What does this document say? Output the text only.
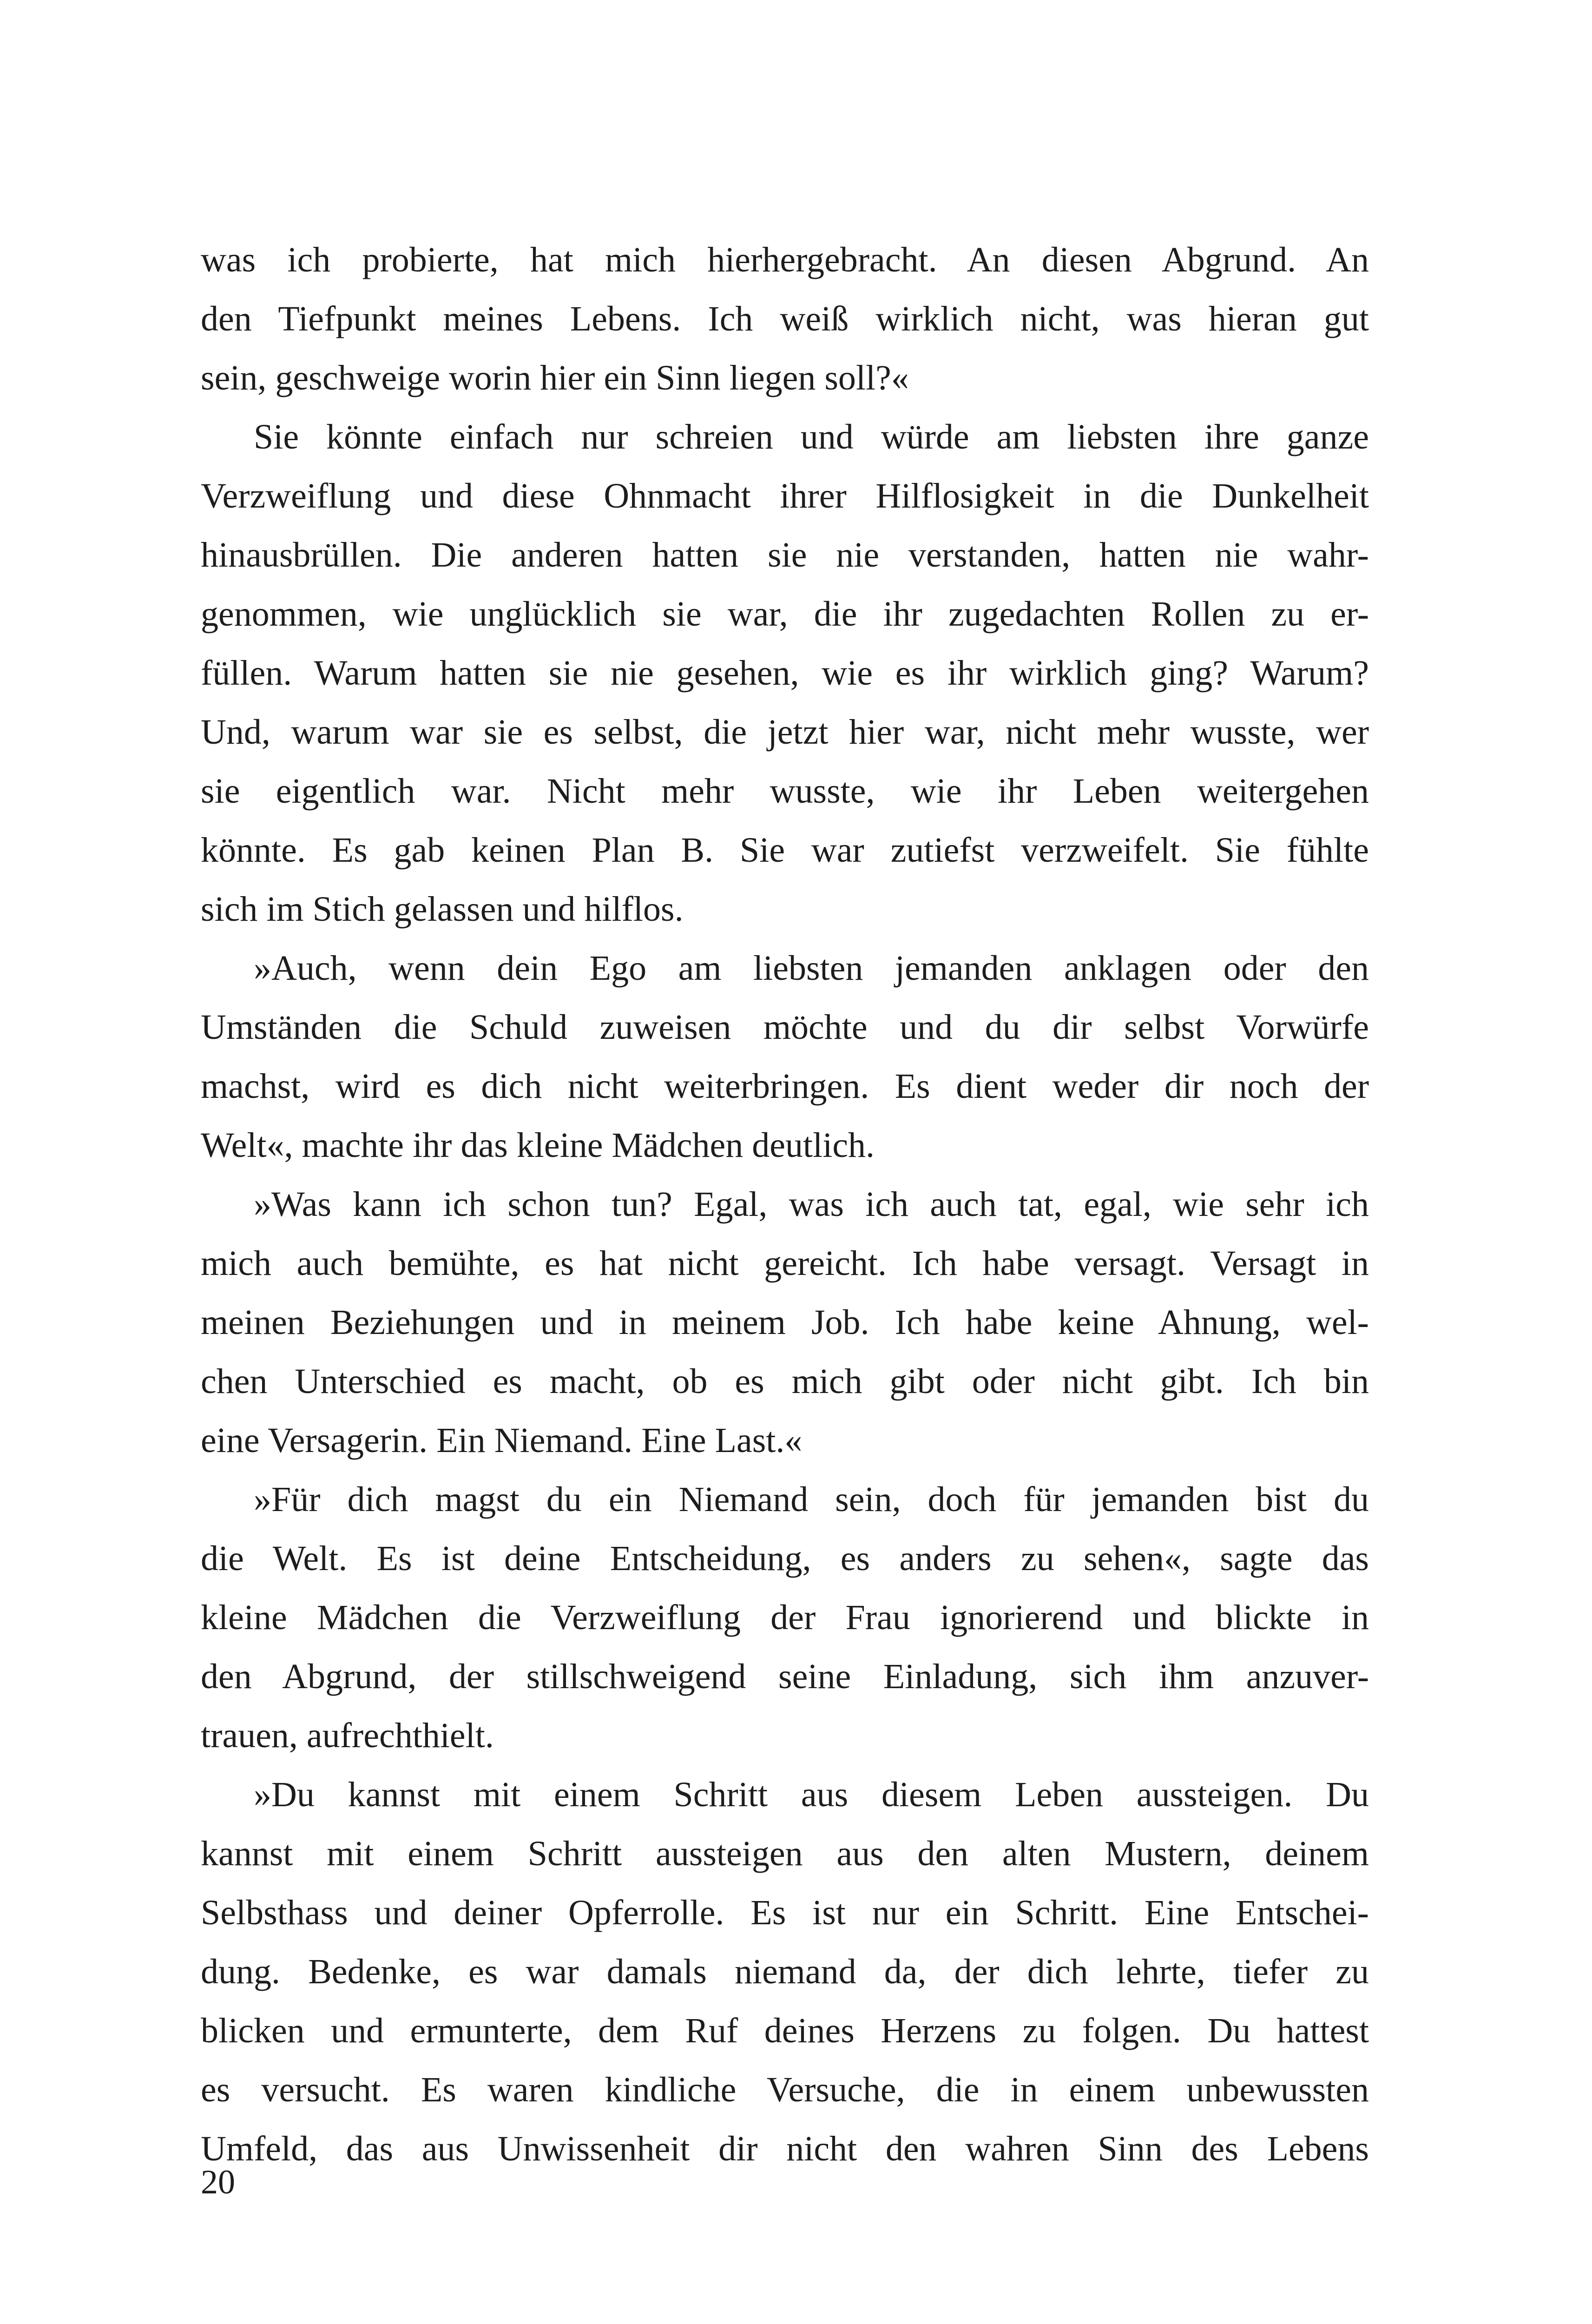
was ich probierte, hat mich hierhergebracht. An diesen Abgrund. An
den Tiefpunkt meines Lebens. Ich weiß wirklich nicht, was hieran gut
sein, geschweige worin hier ein Sinn liegen soll?«
Sie könnte einfach nur schreien und würde am liebsten ihre ganze
Verzweiflung und diese Ohnmacht ihrer Hilflosigkeit in die Dunkelheit
hinausbrüllen. Die anderen hatten sie nie verstanden, hatten nie wahr-
genommen, wie unglücklich sie war, die ihr zugedachten Rollen zu er-
füllen. Warum hatten sie nie gesehen, wie es ihr wirklich ging? Warum?
Und, warum war sie es selbst, die jetzt hier war, nicht mehr wusste, wer
sie eigentlich war. Nicht mehr wusste, wie ihr Leben weitergehen
könnte. Es gab keinen Plan B. Sie war zutiefst verzweifelt. Sie fühlte
sich im Stich gelassen und hilflos.
»Auch, wenn dein Ego am liebsten jemanden anklagen oder den
Umständen die Schuld zuweisen möchte und du dir selbst Vorwürfe
machst, wird es dich nicht weiterbringen. Es dient weder dir noch der
Welt«, machte ihr das kleine Mädchen deutlich.
»Was kann ich schon tun? Egal, was ich auch tat, egal, wie sehr ich
mich auch bemühte, es hat nicht gereicht. Ich habe versagt. Versagt in
meinen Beziehungen und in meinem Job. Ich habe keine Ahnung, wel-
chen Unterschied es macht, ob es mich gibt oder nicht gibt. Ich bin
eine Versagerin. Ein Niemand. Eine Last.«
»Für dich magst du ein Niemand sein, doch für jemanden bist du
die Welt. Es ist deine Entscheidung, es anders zu sehen«, sagte das
kleine Mädchen die Verzweiflung der Frau ignorierend und blickte in
den Abgrund, der stillschweigend seine Einladung, sich ihm anzuver-
trauen, aufrechthielt.
»Du kannst mit einem Schritt aus diesem Leben aussteigen. Du
kannst mit einem Schritt aussteigen aus den alten Mustern, deinem
Selbsthass und deiner Opferrolle. Es ist nur ein Schritt. Eine Entschei-
dung. Bedenke, es war damals niemand da, der dich lehrte, tiefer zu
blicken und ermunterte, dem Ruf deines Herzens zu folgen. Du hattest
es versucht. Es waren kindliche Versuche, die in einem unbewussten
Umfeld, das aus Unwissenheit dir nicht den wahren Sinn des Lebens
20
